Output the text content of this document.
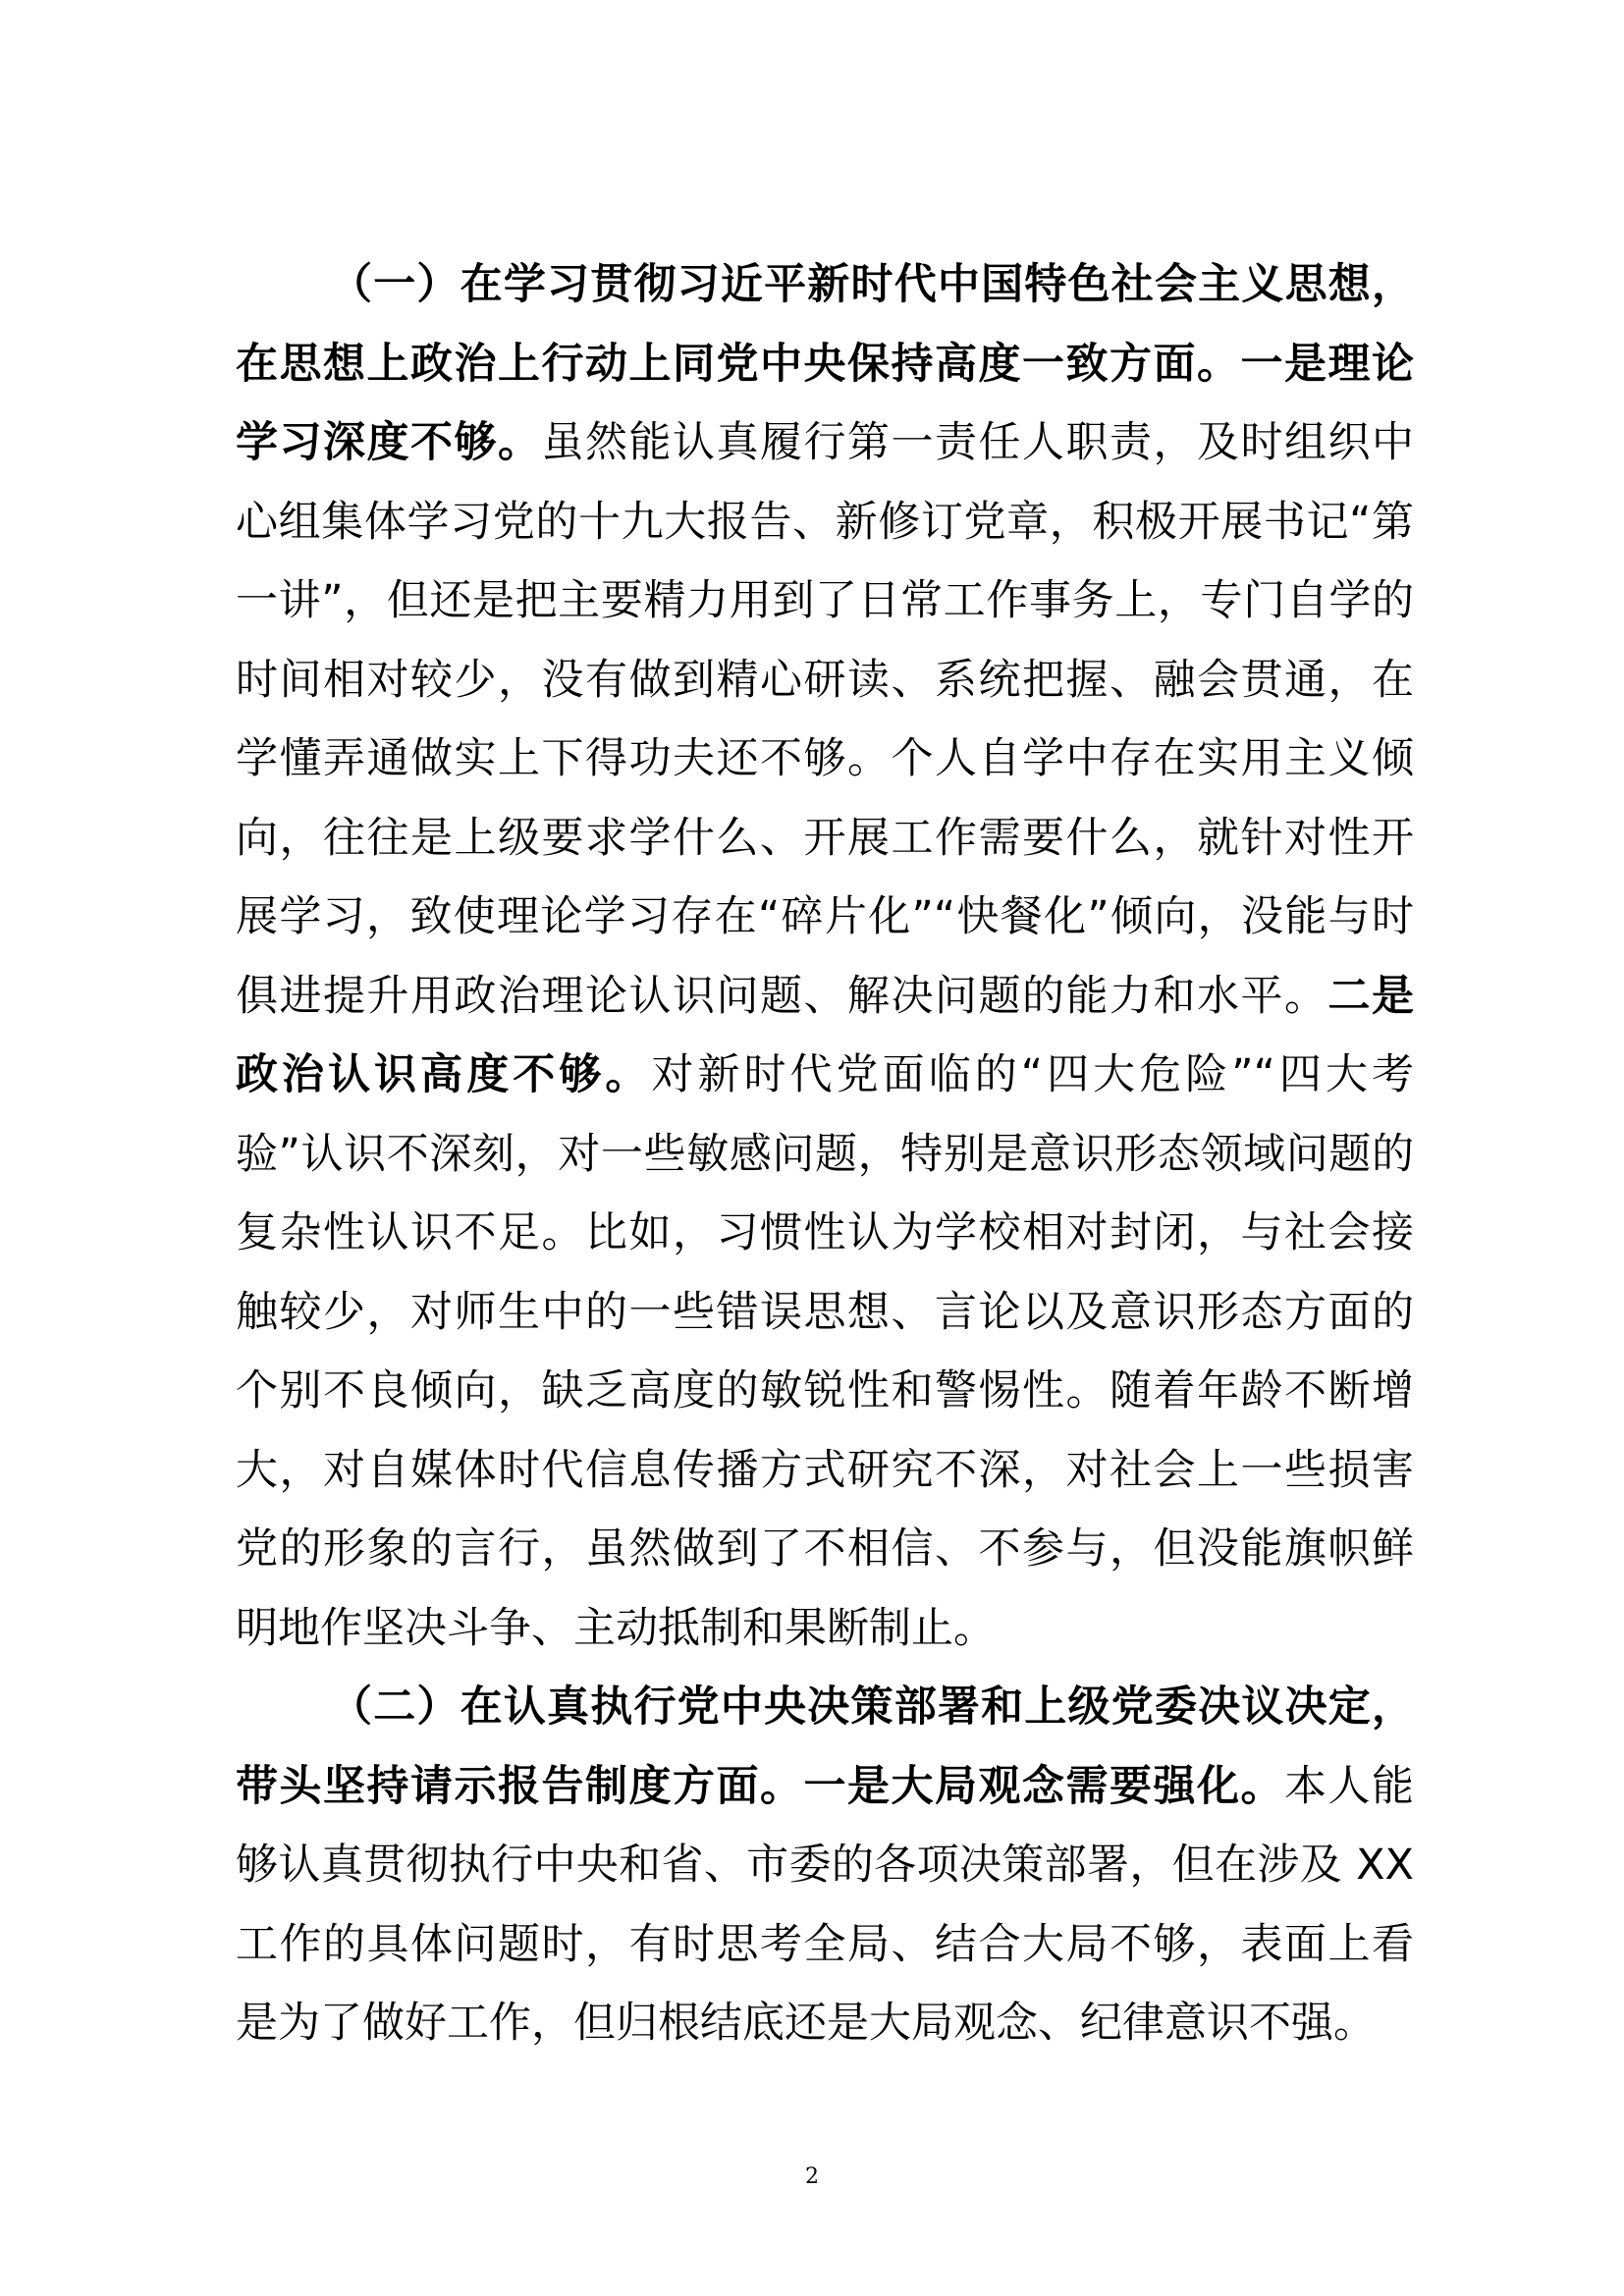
（一）在学习贯彻习近平新时代中国特色社会主义思想，在思想上政治上行动上同党中央保持高度一致方面。一是理论学习深度不够。虽然能认真履行第一责任人职责，及时组织中心组集体学习党的十九大报告、新修订党章，积极开展书记“第一讲”，但还是把主要精力用到了日常工作事务上，专门自学的时间相对较少，没有做到精心研读、系统把握、融会贯通，在学懂弄通做实上下得功夫还不够。个人自学中存在实用主义倾向，往往是上级要求学什么、开展工作需要什么，就针对性开展学习，致使理论学习存在“碎片化”“快餐化”倾向，没能与时俱进提升用政治理论认识问题、解决问题的能力和水平。二是政治认识高度不够。对新时代党面临的“四大危险”“四大考验”认识不深刻，对一些敏感问题，特别是意识形态领域问题的复杂性认识不足。比如，习惯性认为学校相对封闭，与社会接触较少，对师生中的一些错误思想、言论以及意识形态方面的个别不良倾向，缺乏高度的敏锐性和警惕性。随着年龄不断增大，对自媒体时代信息传播方式研究不深，对社会上一些损害党的形象的言行，虽然做到了不相信、不参与，但没能旗帜鲜明地作坚决斗争、主动抵制和果断制止。

（二）在认真执行党中央决策部署和上级党委决议决定，带头坚持请示报告制度方面。一是大局观念需要强化。本人能够认真贯彻执行中央和省、市委的各项决策部署，但在涉及 XX 工作的具体问题时，有时思考全局、结合大局不够，表面上看是为了做好工作，但归根结底还是大局观念、纪律意识不强。

2
